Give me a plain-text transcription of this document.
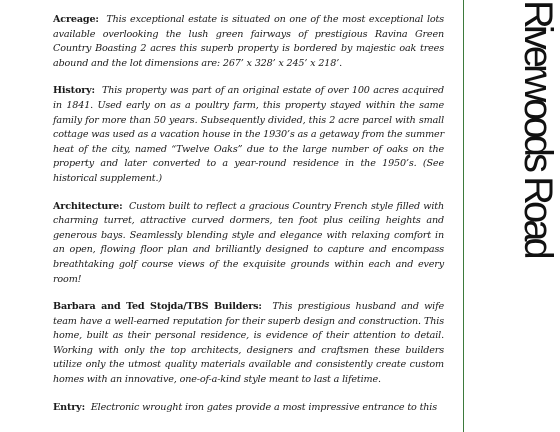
Acreage: This exceptional estate is situated on one of the most exceptional lots available overlooking the lush green fairways of prestigious Ravina Green Country Boasting 2 acres this superb property is bordered by majestic oak trees abound and the lot dimensions are: 267’ x 328’ x 245’ x 218’.

History: This property was part of an original estate of over 100 acres acquired in 1841. Used early on as a poultry farm, this property stayed within the same family for more than 50 years. Subsequently divided, this 2 acre parcel with small cottage was used as a vacation house in the 1930’s as a getaway from the summer heat of the city, named “Twelve Oaks” due to the large number of oaks on the property and later converted to a year-round residence in the 1950’s. (See historical supplement.)

Architecture: Custom built to reflect a gracious Country French style filled with charming turret, attractive curved dormers, ten foot plus ceiling heights and generous bays. Seamlessly blending style and elegance with relaxing comfort in an open, flowing floor plan and brilliantly designed to capture and encompass breathtaking golf course views of the exquisite grounds within each and every room!

Barbara and Ted Stojda/TBS Builders: This prestigious husband and wife team have a well-earned reputation for their superb design and construction. This home, built as their personal residence, is evidence of their attention to detail. Working with only the top architects, designers and craftsmen these builders utilize only the utmost quality materials available and consistently create custom homes with an innovative, one-of-a-kind style meant to last a lifetime.

Entry: Electronic wrought iron gates provide a most impressive entrance to this

Riverwoods Road
